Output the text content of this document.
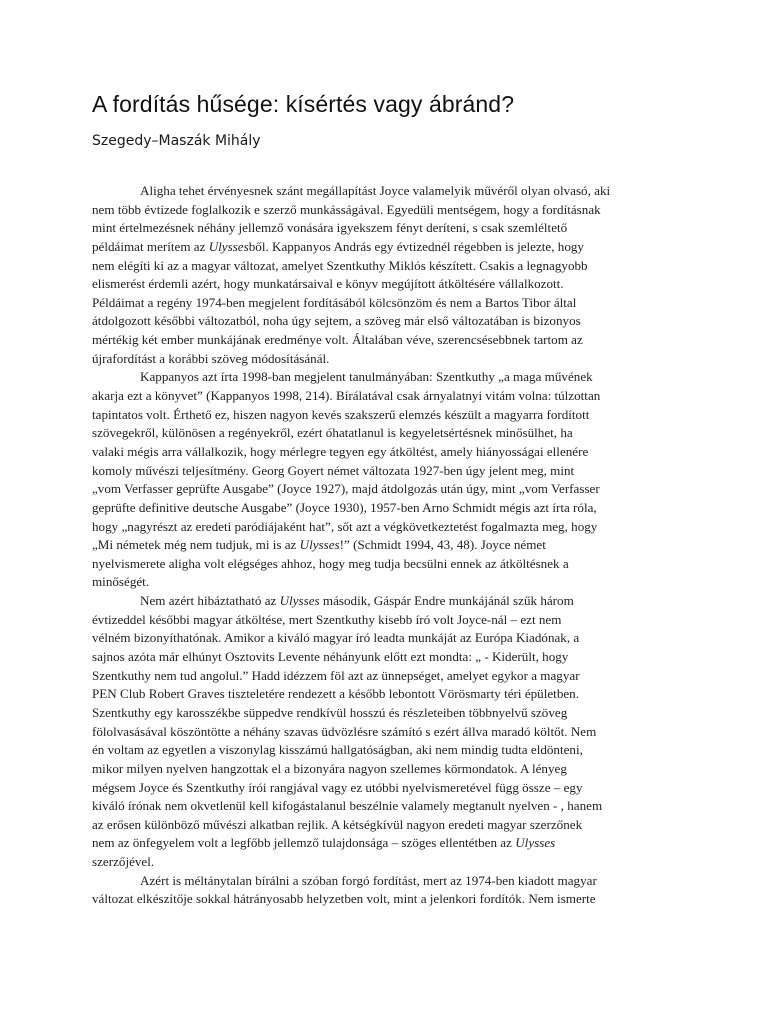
A fordítás hűsége: kísértés vagy ábránd?
Szegedy–Maszák Mihály
Aligha tehet érvényesnek szánt megállapítást Joyce valamelyik művéről olyan olvasó, aki
nem több évtizede foglalkozik e szerző munkásságával. Egyedüli mentségem, hogy a fordításnak
mint értelmezésnek néhány jellemző vonására igyekszem fényt deríteni, s csak szemléltető
példáimat merítem az Ulyssesből. Kappanyos András egy évtizednél régebben is jelezte, hogy
nem elégíti ki az a magyar változat, amelyet Szentkuthy Miklós készített. Csakis a legnagyobb
elismerést érdemli azért, hogy munkatársaival e könyv megújított átköltésére vállalkozott.
Példáimat a regény 1974-ben megjelent fordításából kölcsönzöm és nem a Bartos Tibor által
átdolgozott későbbi változatból, noha úgy sejtem, a szöveg már első változatában is bizonyos
mértékig két ember munkájának eredménye volt. Általában véve, szerencsésebbnek tartom az
újrafordítást a korábbi szöveg módosításánál.
Kappanyos azt írta 1998-ban megjelent tanulmányában: Szentkuthy „a maga művének
akarja ezt a könyvet” (Kappanyos 1998, 214). Bírálatával csak árnyalatnyi vitám volna: túlzottan
tapintatos volt. Érthető ez, hiszen nagyon kevés szakszerű elemzés készült a magyarra fordított
szövegekről, különösen a regényekről, ezért óhatatlanul is kegyeletsértésnek minősülhet, ha
valaki mégis arra vállalkozik, hogy mérlegre tegyen egy átköltést, amely hiányosságai ellenére
komoly művészi teljesítmény. Georg Goyert német változata 1927-ben úgy jelent meg, mint
„vom Verfasser geprüfte Ausgabe” (Joyce 1927), majd átdolgozás után úgy, mint „vom Verfasser
geprüfte definitive deutsche Ausgabe” (Joyce 1930), 1957-ben Arno Schmidt mégis azt írta róla,
hogy „nagyrészt az eredeti paródiájaként hat”, sőt azt a végkövetkeztetést fogalmazta meg, hogy
„Mi németek még nem tudjuk, mi is az Ulysses!” (Schmidt 1994, 43, 48). Joyce német
nyelvismerete aligha volt elégséges ahhoz, hogy meg tudja becsülni ennek az átköltésnek a
minőségét.
Nem azért hibáztatható az Ulysses második, Gáspár Endre munkájánál szűk három
évtizeddel későbbi magyar átköltése, mert Szentkuthy kisebb író volt Joyce-nál – ezt nem
vélném bizonyíthatónak. Amikor a kiváló magyar író leadta munkáját az Európa Kiadónak, a
sajnos azóta már elhúnyt Osztovits Levente néhányunk előtt ezt mondta: „ - Kiderült, hogy
Szentkuthy nem tud angolul.” Hadd idézzem föl azt az ünnepséget, amelyet egykor a magyar
PEN Club Robert Graves tiszteletére rendezett a később lebontott Vörösmarty téri épületben.
Szentkuthy egy karosszékbe süppedve rendkívül hosszú és részleteiben többnyelvű szöveg
fölolvasásával köszöntötte a néhány szavas üdvözlésre számító s ezért állva maradó költőt. Nem
én voltam az egyetlen a viszonylag kisszámú hallgatóságban, aki nem mindig tudta eldönteni,
mikor milyen nyelven hangzottak el a bizonyára nagyon szellemes körmondatok. A lényeg
mégsem Joyce és Szentkuthy írói rangjával vagy ez utóbbi nyelvismeretével függ össze – egy
kiváló írónak nem okvetlenül kell kifogástalanul beszélnie valamely megtanult nyelven - , hanem
az erősen különböző művészi alkatban rejlik. A kétségkívül nagyon eredeti magyar szerzőnek
nem az önfegyelem volt a legfőbb jellemző tulajdonsága – szöges ellentétben az Ulysses
szerzőjével.
Azért is méltánytalan bírálni a szóban forgó fordítást, mert az 1974-ben kiadott magyar
változat elkészítője sokkal hátrányosabb helyzetben volt, mint a jelenkori fordítók. Nem ismerte
